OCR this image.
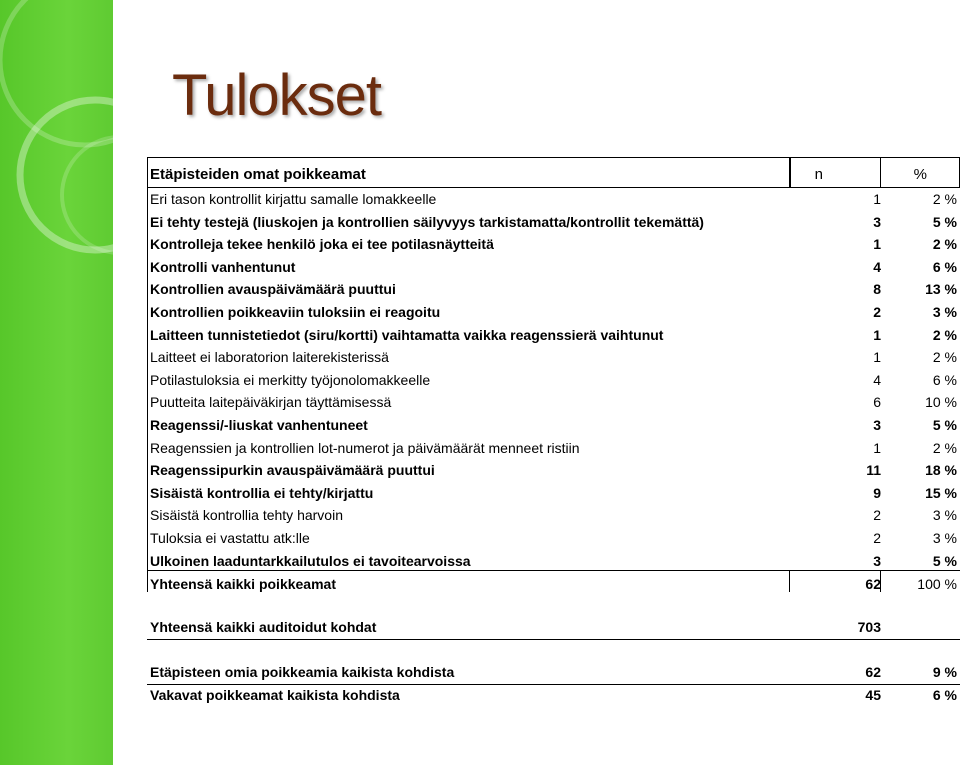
Tulokset
Etäpisteiden omat poikkeamat	n	%
Eri tason kontrollit kirjattu samalle lomakkeelle	1	2 %
Ei tehty testejä (liuskojen ja kontrollien säilyvyys tarkistamatta/kontrollit tekemättä)	3	5 %
Kontrolleja tekee henkilö joka ei tee potilasnäytteitä	1	2 %
Kontrolli vanhentunut	4	6 %
Kontrollien avauspäivämäärä puuttui	8	13 %
Kontrollien poikkeaviin tuloksiin ei reagoitu	2	3 %
Laitteen tunnistetiedot (siru/kortti) vaihtamatta vaikka reagenssierä vaihtunut	1	2 %
Laitteet ei laboratorion laiterekisterissä	1	2 %
Potilastuloksia ei merkitty työjonolomakkeelle	4	6 %
Puutteita laitepäiväkirjan täyttämisessä	6	10 %
Reagenssi/-liuskat vanhentuneet	3	5 %
Reagenssien ja kontrollien lot-numerot ja päivämäärät menneet ristiin	1	2 %
Reagenssipurkin avauspäivämäärä puuttui	11	18 %
Sisäistä kontrollia ei tehty/kirjattu	9	15 %
Sisäistä kontrollia tehty harvoin	2	3 %
Tuloksia ei vastattu atk:lle	2	3 %
Ulkoinen laaduntarkkailutulos ei tavoitearvoissa	3	5 %
Yhteensä kaikki poikkeamat	62	100 %
Yhteensä kaikki auditoidut kohdat	703
Etäpisteen omia poikkeamia kaikista kohdista	62	9 %
Vakavat poikkeamat kaikista kohdista	45	6 %
